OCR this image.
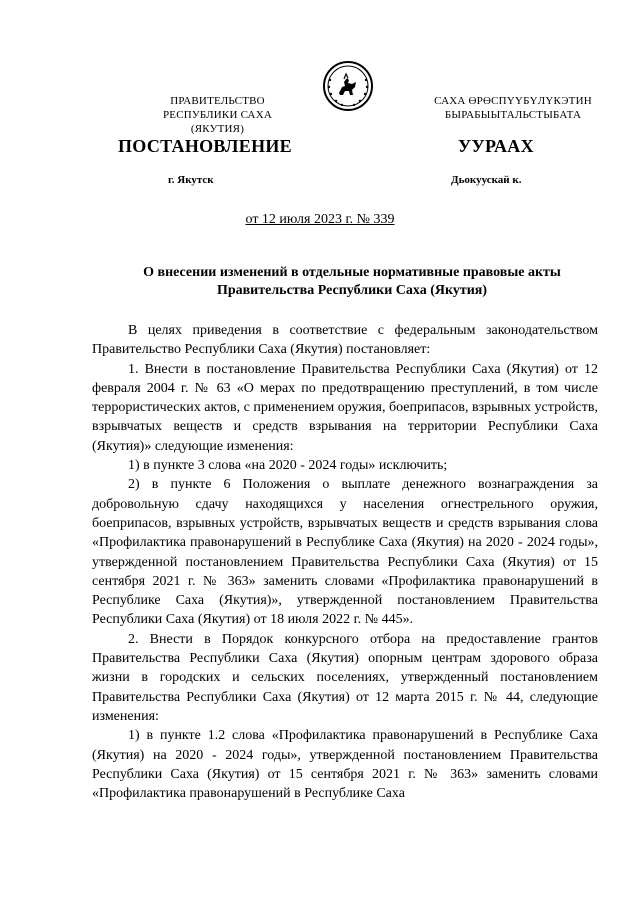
ПРАВИТЕЛЬСТВО
РЕСПУБЛИКИ САХА (ЯКУТИЯ)
САХА ӨРӨСПҮҮБҮЛҮКЭТИН
БЫРАБЫЫТАЛЬСТЫБАТА
ПОСТАНОВЛЕНИЕ	УУРААХ
г. Якутск	Дьокуускай к.
от 12 июля 2023 г. № 339
О внесении изменений в отдельные нормативные правовые акты
Правительства Республики Саха (Якутия)

В целях приведения в соответствие с федеральным законодательством Правительство Республики Саха (Якутия) постановляет:

1. Внести в постановление Правительства Республики Саха (Якутия) от 12 февраля 2004 г. № 63 «О мерах по предотвращению преступлений, в том числе террористических актов, с применением оружия, боеприпасов, взрывных устройств, взрывчатых веществ и средств взрывания на территории Республики Саха (Якутия)» следующие изменения:

1) в пункте 3 слова «на 2020 - 2024 годы» исключить;

2) в пункте 6 Положения о выплате денежного вознаграждения за добровольную сдачу находящихся у населения огнестрельного оружия, боеприпасов, взрывных устройств, взрывчатых веществ и средств взрывания слова «Профилактика правонарушений в Республике Саха (Якутия) на 2020 - 2024 годы», утвержденной постановлением Правительства Республики Саха (Якутия) от 15 сентября 2021 г. № 363» заменить словами «Профилактика правонарушений в Республике Саха (Якутия)», утвержденной постановлением Правительства Республики Саха (Якутия) от 18 июля 2022 г. № 445».

2. Внести в Порядок конкурсного отбора на предоставление грантов Правительства Республики Саха (Якутия) опорным центрам здорового образа жизни в городских и сельских поселениях, утвержденный постановлением Правительства Республики Саха (Якутия) от 12 марта 2015 г. № 44, следующие изменения:

1) в пункте 1.2 слова «Профилактика правонарушений в Республике Саха (Якутия) на 2020 - 2024 годы», утвержденной постановлением Правительства Республики Саха (Якутия) от 15 сентября 2021 г. № 363» заменить словами «Профилактика правонарушений в Республике Саха
